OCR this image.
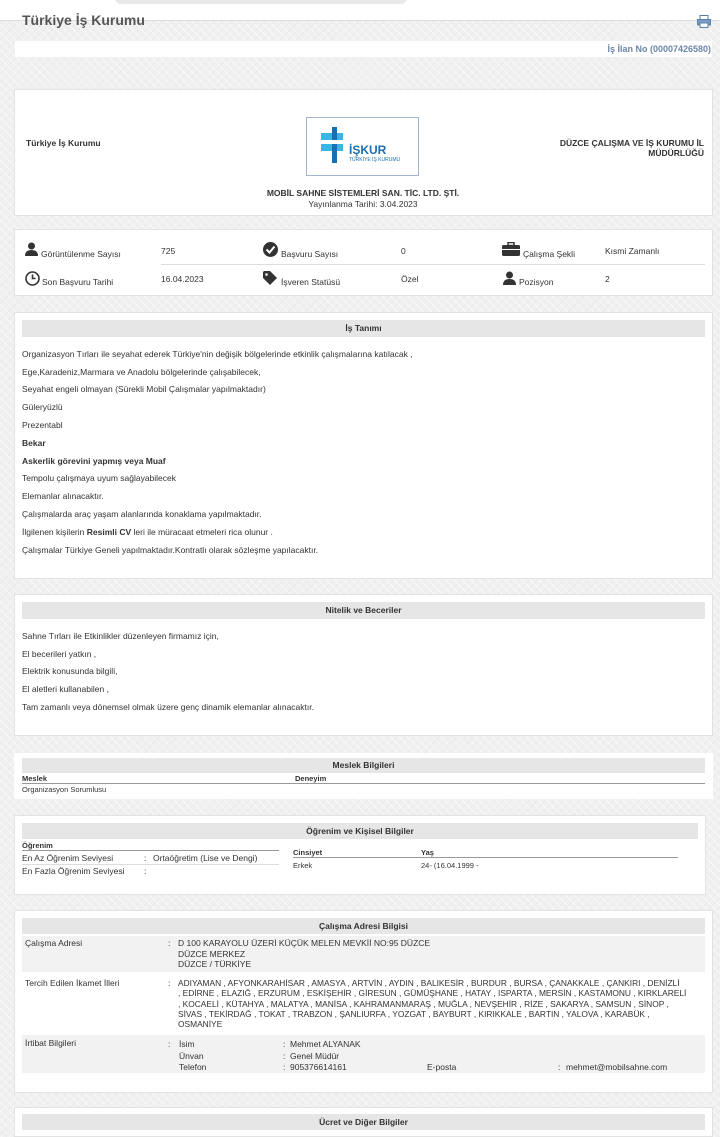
Türkiye İş Kurumu
İş İlan No (00007426580)
Türkiye İş Kurumu	İŞKUR
TÜRKİYE İŞ KURUMU
MOBİL SAHNE SİSTEMLERİ SAN. TİC. LTD. ŞTİ.
Yayınlanma Tarihi: 3.04.2023
DÜZCE ÇALIŞMA VE İŞ KURUMU İL
MÜDÜRLÜĞÜ
Görüntülenme Sayısı	725	Başvuru Sayısı	0	Çalışma Şekli	Kısmi Zamanlı
Son Başvuru Tarihi	16.04.2023	İşveren Statüsü	Özel	Pozisyon	2
İş Tanımı
Organizasyon Tırları ile seyahat ederek Türkiye'nin değişik bölgelerinde etkinlik çalışmalarına katılacak ,
Ege,Karadeniz,Marmara ve Anadolu bölgelerinde çalışabilecek,
Seyahat engeli olmayan (Sürekli Mobil Çalışmalar yapılmaktadır)
Güleryüzlü
Prezentabl
Bekar
Askerlik görevini yapmış veya Muaf
Tempolu çalışmaya uyum sağlayabilecek
Elemanlar alınacaktır.
Çalışmalarda araç yaşam alanlarında konaklama yapılmaktadır.
İlgilenen kişilerin Resimli CV leri ile müracaat etmeleri rica olunur .
Çalışmalar Türkiye Geneli yapılmaktadır.Kontratlı olarak sözleşme yapılacaktır.
Nitelik ve Beceriler
Sahne Tırları ile Etkinlikler düzenleyen firmamız için,
El becerileri yatkın ,
Elektrik konusunda bilgili,
El aletleri kullanabilen ,
Tam zamanlı veya dönemsel olmak üzere genç dinamik elemanlar alınacaktır.
Meslek Bilgileri
Meslek	Deneyim
Organizasyon Sorumlusu
Öğrenim ve Kişisel Bilgiler
Öğrenim
En Az Öğrenim Seviyesi	: Ortaöğretim (Lise ve Dengi)
En Fazla Öğrenim Seviyesi :
Cinsiyet	Yaş
Erkek	24- (16.04.1999 -
Çalışma Adresi Bilgisi
Çalışma Adresi	: D 100 KARAYOLU ÜZERİ KÜÇÜK MELEN MEVKİİ NO:95 DÜZCE
DÜZCE MERKEZ
DÜZCE / TÜRKİYE
Tercih Edilen İkamet İlleri	: ADIYAMAN , AFYONKARAHİSAR , AMASYA , ARTVİN , AYDIN , BALIKESİR , BURDUR , BURSA , ÇANAKKALE , ÇANKIRI , DENİZLİ
, EDİRNE , ELAZIĞ , ERZURUM , ESKİŞEHİR , GİRESUN , GÜMÜŞHANE , HATAY , ISPARTA , MERSİN , KASTAMONU , KIRKLARELİ
, KOCAELİ , KÜTAHYA , MALATYA , MANİSA , KAHRAMANMARAŞ , MUĞLA , NEVŞEHİR , RİZE , SAKARYA , SAMSUN , SİNOP ,
SİVAS , TEKİRDAĞ , TOKAT , TRABZON , ŞANLIURFA , YOZGAT , BAYBURT , KIRIKKALE , BARTIN , YALOVA , KARABÜK ,
OSMANİYE
İrtibat Bilgileri	: İsim	: Mehmet ALYANAK
Ünvan	: Genel Müdür
Telefon	: 905376614161	E-posta	: mehmet@mobilsahne.com
Ücret ve Diğer Bilgiler
